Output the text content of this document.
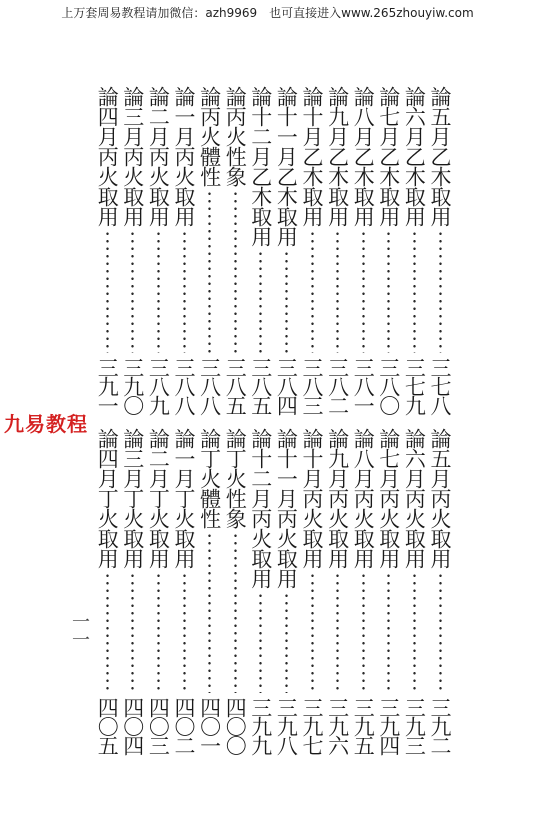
上万套周易教程请加微信：azh9969　也可直接进入www.265zhouyiw.com
九易教程
一一
論五月乙木取用
三七八
論六月乙木取用
三七九
論七月乙木取用
三八〇
論八月乙木取用
三八一
論九月乙木取用
三八二
論十月乙木取用
三八三
論十一月乙木取用
三八四
論十二月乙木取用
三八五
論丙火性象
三八五
論丙火體性
三八八
論一月丙火取用
三八八
論二月丙火取用
三八九
論三月丙火取用
三九〇
論四月丙火取用
三九一
論五月丙火取用
三九二
論六月丙火取用
三九三
論七月丙火取用
三九四
論八月丙火取用
三九五
論九月丙火取用
三九六
論十月丙火取用
三九七
論十一月丙火取用
三九八
論十二月丙火取用
三九九
論丁火性象
四〇〇
論丁火體性
四〇一
論一月丁火取用
四〇二
論二月丁火取用
四〇三
論三月丁火取用
四〇四
論四月丁火取用
四〇五
